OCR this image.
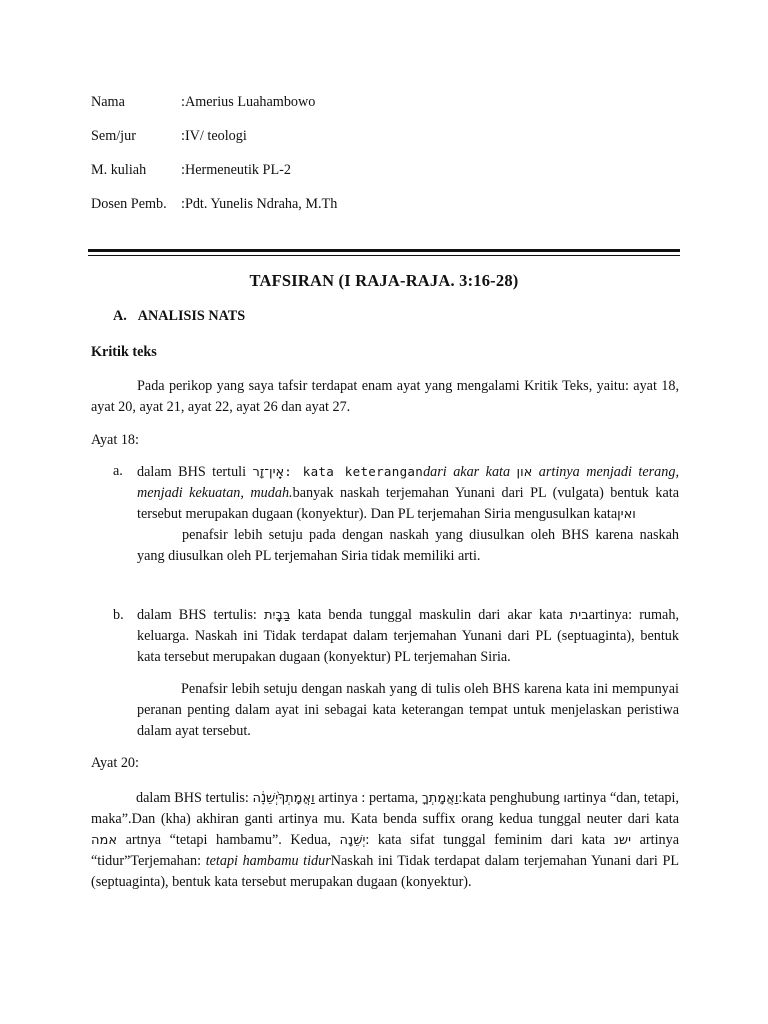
Nama	:Amerius Luahambowo
Sem/jur	:IV/ teologi
M. kuliah	:Hermeneutik PL-2
Dosen Pemb.	:Pdt. Yunelis Ndraha, M.Th
TAFSIRAN (I RAJA-RAJA. 3:16-28)
A. ANALISIS NATS
Kritik teks
Pada perikop yang saya tafsir terdapat enam ayat yang mengalami Kritik Teks, yaitu: ayat 18, ayat 20, ayat 21, ayat 22, ayat 26 dan ayat 27.
Ayat 18:
a. dalam BHS tertuli אֵֽין־זָר: kata keterangandari akar kata און artinya menjadi terang, menjadi kekuatan, mudah.banyak naskah terjemahan Yunani dari PL (vulgata) bentuk kata tersebut merupakan dugaan (konyektur). Dan PL terjemahan Siria mengusulkan kataואין
penafsir lebih setuju pada dengan naskah yang diusulkan oleh BHS karena naskah yang diusulkan oleh PL terjemahan Siria tidak memiliki arti.
b. dalam BHS tertulis: בַּבָּֽיִת kata benda tunggal maskulin dari akar kata ביתartinya: rumah, keluarga. Naskah ini Tidak terdapat dalam terjemahan Yunani dari PL (septuaginta), bentuk kata tersebut merupakan dugaan (konyektur) PL terjemahan Siria.
Penafsir lebih setuju dengan naskah yang di tulis oleh BHS karena kata ini mempunyai peranan penting dalam ayat ini sebagai kata keterangan tempat untuk menjelaskan peristiwa dalam ayat tersebut.
Ayat 20:
dalam BHS tertulis: וַאֲמָתְךָ֙יְשֵׁנָ֔ה artinya : pertama, וַאֲמָתְךָ:kata penghubung וartinya “dan, tetapi, maka”.Dan (kha) akhiran ganti artinya mu. Kata benda suffix orang kedua tunggal neuter dari kata אמה artnya “tetapi hambamu”. Kedua, יְשֵׁנָה: kata sifat tunggal feminim dari kata ישנ artinya “tidur”Terjemahan: tetapi hambamu tidurNaskah ini Tidak terdapat dalam terjemahan Yunani dari PL (septuaginta), bentuk kata tersebut merupakan dugaan (konyektur).
